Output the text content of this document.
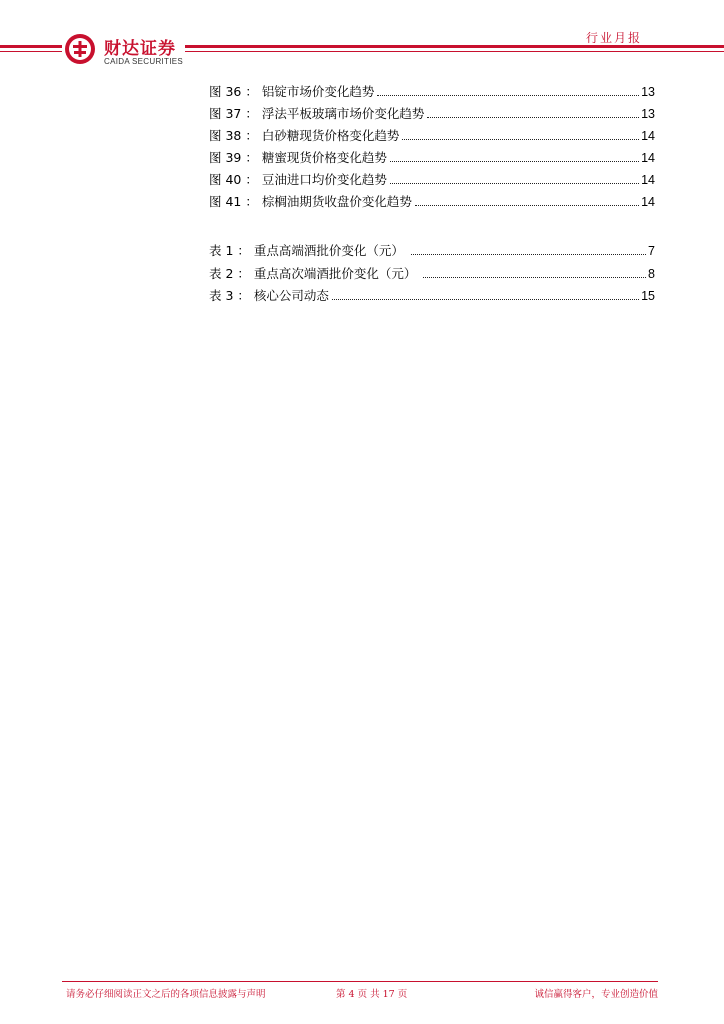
财达证券
CAIDA SECURITIES
行业月报
图 36 ： 铝锭市场价变化趋势	13
图 37 ： 浮法平板玻璃市场价变化趋势	13
图 38 ： 白砂糖现货价格变化趋势	14
图 39 ： 糖蜜现货价格变化趋势	14
图 40 ： 豆油进口均价变化趋势	14
图 41 ： 棕榈油期货收盘价变化趋势	14
表 1 ： 重点高端酒批价变化（元）	7
表 2 ： 重点高次端酒批价变化（元）	8
表 3 ： 核心公司动态	15
请务必仔细阅读正文之后的各项信息披露与声明	第 4 页 共 17 页	诚信赢得客户，专业创造价值
